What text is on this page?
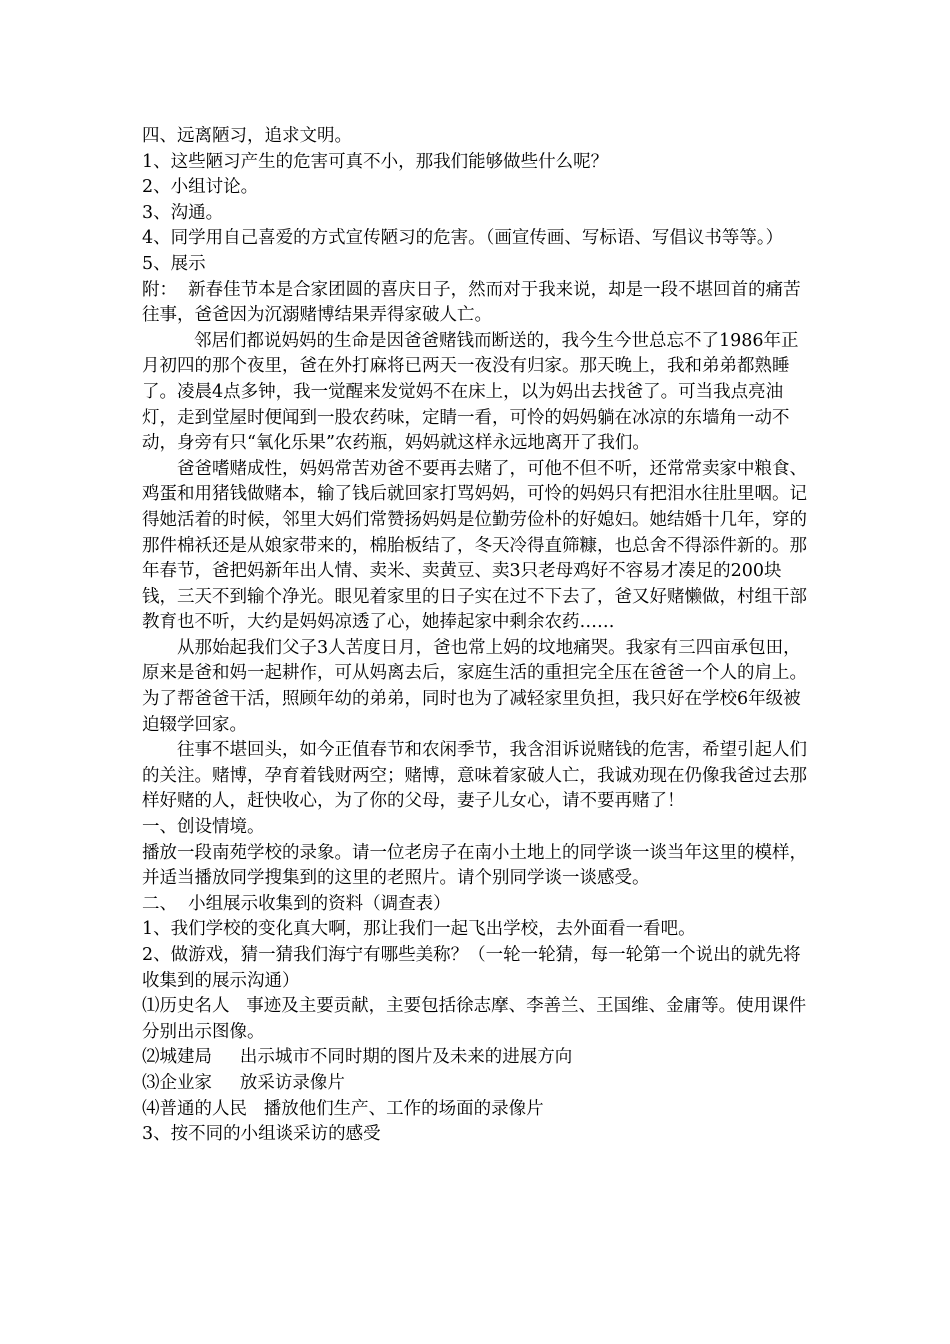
四、远离陋习，追求文明。

1、这些陋习产生的危害可真不小，那我们能够做些什么呢？

2、小组讨论。

3、沟通。

4、同学用自己喜爱的方式宣传陋习的危害。（画宣传画、写标语、写倡议书等等。）

5、展示

附：  新春佳节本是合家团圆的喜庆日子，然而对于我来说，却是一段不堪回首的痛苦往事，爸爸因为沉溺赌博结果弄得家破人亡。

邻居们都说妈妈的生命是因爸爸赌钱而断送的，我今生今世总忘不了1986年正月初四的那个夜里，爸在外打麻将已两天一夜没有归家。那天晚上，我和弟弟都熟睡了。凌晨4点多钟，我一觉醒来发觉妈不在床上，以为妈出去找爸了。可当我点亮油灯，走到堂屋时便闻到一股农药味，定睛一看，可怜的妈妈躺在冰凉的东墙角一动不动，身旁有只“氧化乐果”农药瓶，妈妈就这样永远地离开了我们。

爸爸嗜赌成性，妈妈常苦劝爸不要再去赌了，可他不但不听，还常常卖家中粮食、鸡蛋和用猪钱做赌本，输了钱后就回家打骂妈妈，可怜的妈妈只有把泪水往肚里咽。记得她活着的时候，邻里大妈们常赞扬妈妈是位勤劳俭朴的好媳妇。她结婚十几年，穿的那件棉袄还是从娘家带来的，棉胎板结了，冬天冷得直筛糠，也总舍不得添件新的。那年春节，爸把妈新年出人情、卖米、卖黄豆、卖3只老母鸡好不容易才凑足的200块钱，三天不到输个净光。眼见着家里的日子实在过不下去了，爸又好赌懒做，村组干部教育也不听，大约是妈妈凉透了心，她捧起家中剩余农药……

从那始起我们父子3人苦度日月，爸也常上妈的坟地痛哭。我家有三四亩承包田，原来是爸和妈一起耕作，可从妈离去后，家庭生活的重担完全压在爸爸一个人的肩上。为了帮爸爸干活，照顾年幼的弟弟，同时也为了减轻家里负担，我只好在学校6年级被迫辍学回家。

往事不堪回头，如今正值春节和农闲季节，我含泪诉说赌钱的危害，希望引起人们的关注。赌博，孕育着钱财两空；赌博，意味着家破人亡，我诚劝现在仍像我爸过去那样好赌的人，赶快收心，为了你的父母，妻子儿女心，请不要再赌了！

一、创设情境。

播放一段南苑学校的录象。请一位老房子在南小土地上的同学谈一谈当年这里的模样，并适当播放同学搜集到的这里的老照片。请个别同学谈一谈感受。

二、  小组展示收集到的资料（调查表）

1、我们学校的变化真大啊，那让我们一起飞出学校，去外面看一看吧。

2、做游戏，猜一猜我们海宁有哪些美称？（一轮一轮猜，每一轮第一个说出的就先将收集到的展示沟通）

⑴历史名人   事迹及主要贡献，主要包括徐志摩、李善兰、王国维、金庸等。使用课件分别出示图像。

⑵城建局     出示城市不同时期的图片及未来的进展方向

⑶企业家     放采访录像片

⑷普通的人民   播放他们生产、工作的场面的录像片

3、按不同的小组谈采访的感受
